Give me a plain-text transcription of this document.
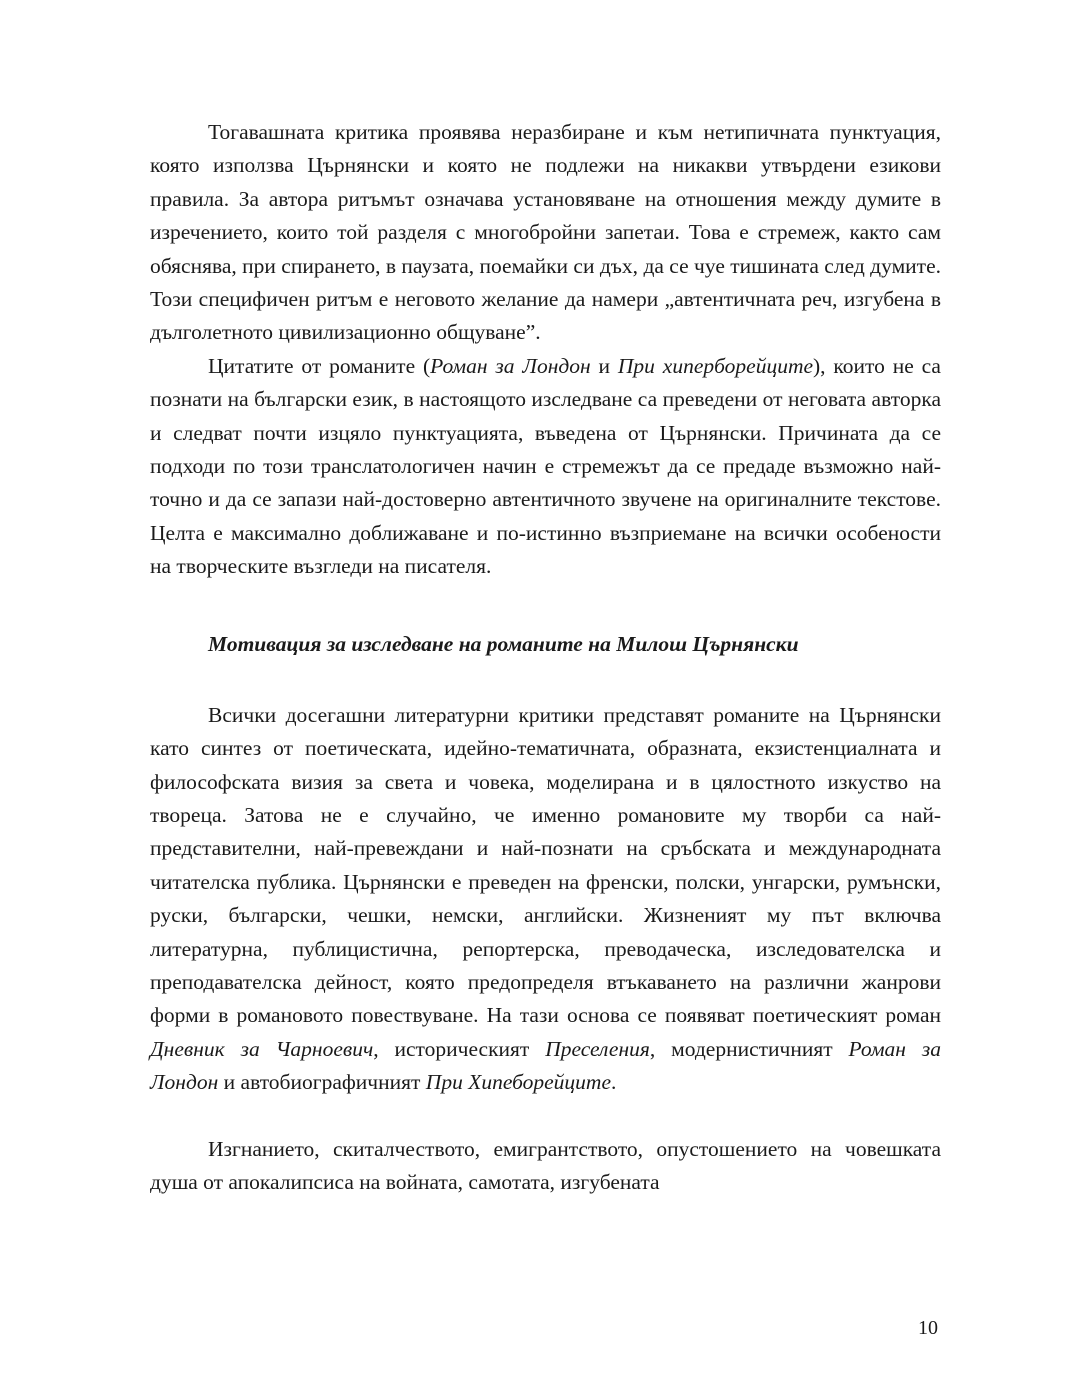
Тогавашната критика проявява неразбиране и към нетипичната пунктуация, която използва Църнянски и която не подлежи на никакви утвърдени езикови правила. За автора ритъмът означава установяване на отношения между думите в изречението, които той разделя с многобройни запетаи. Това е стремеж, както сам обяснява, при спирането, в паузата, поемайки си дъх, да се чуе тишината след думите. Този специфичен ритъм е неговото желание да намери „автентичната реч, изгубена в дълголетното цивилизационно общуване”.

Цитатите от романите (Роман за Лондон и При хиперборейците), които не са познати на български език, в настоящото изследване са преведени от неговата авторка и следват почти изцяло пунктуацията, въведена от Църнянски. Причината да се подходи по този транслатологичен начин е стремежът да се предаде възможно най-точно и да се запази най-достоверно автентичното звучене на оригиналните текстове. Целта е максимално доближаване и по-истинно възприемане на всички особености на творческите възгледи на писателя.

Мотивация за изследване на романите на Милош Църнянски

Всички досегашни литературни критики представят романите на Църнянски като синтез от поетическата, идейно-тематичната, образната, екзистенциалната и философската визия за света и човека, моделирана и в цялостното изкуство на твореца. Затова не е случайно, че именно романовите му творби са най-представителни, най-превеждани и най-познати на сръбската и международната читателска публика. Църнянски е преведен на френски, полски, унгарски, румънски, руски, български, чешки, немски, английски. Жизненият му път включва литературна, публицистична, репортерска, преводаческа, изследователска и преподавателска дейност, която предопределя втъкаването на различни жанрови форми в романовото повествуване. На тази основа се появяват поетическият роман Дневник за Чарноевич, историческият Преселения, модернистичният Роман за Лондон и автобиографичният При Хипеборейците.

Изгнанието, скиталчеството, емигрантството, опустошението на човешката душа от апокалипсиса на войната, самотата, изгубената

10
